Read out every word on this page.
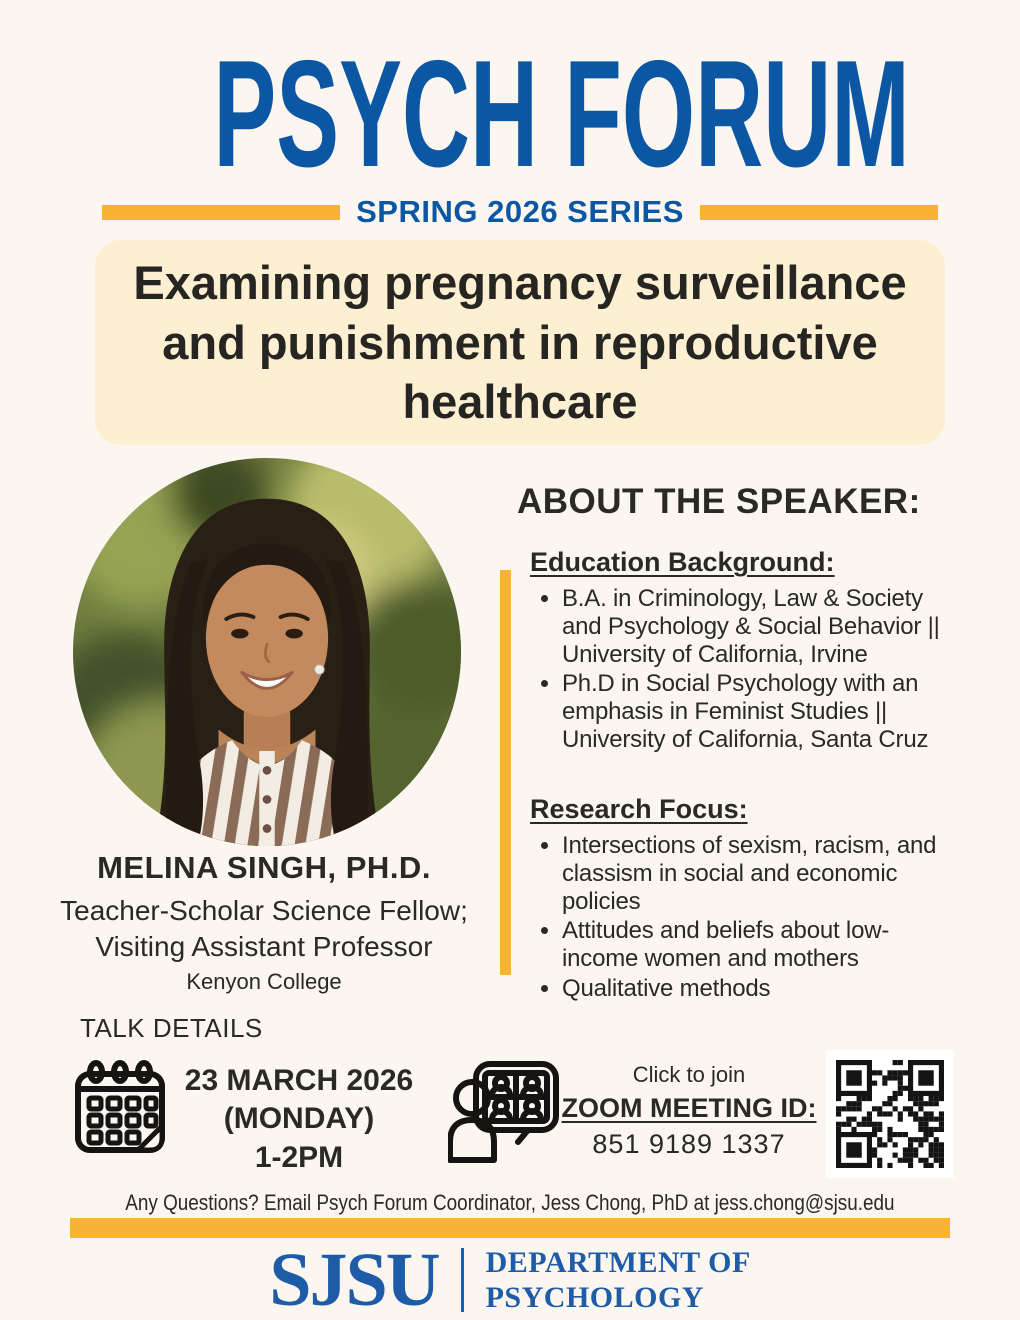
PSYCH FORUM
SPRING 2026 SERIES

Examining pregnancy surveillance and punishment in reproductive healthcare

MELINA SINGH, PH.D.
Teacher-Scholar Science Fellow;
Visiting Assistant Professor
Kenyon College
ABOUT THE SPEAKER:
Education Background:
• B.A. in Criminology, Law & Society and Psychology & Social Behavior || University of California, Irvine
• Ph.D in Social Psychology with an emphasis in Feminist Studies || University of California, Santa Cruz
Research Focus:
• Intersections of sexism, racism, and classism in social and economic policies
• Attitudes and beliefs about low-income women and mothers
• Qualitative methods
TALK DETAILS
23 MARCH 2026
(MONDAY)
1-2PM
Click to join
ZOOM MEETING ID:
851 9189 1337
Any Questions? Email Psych Forum Coordinator, Jess Chong, PhD at jess.chong@sjsu.edu
SJSU DEPARTMENT OF
PSYCHOLOGY
